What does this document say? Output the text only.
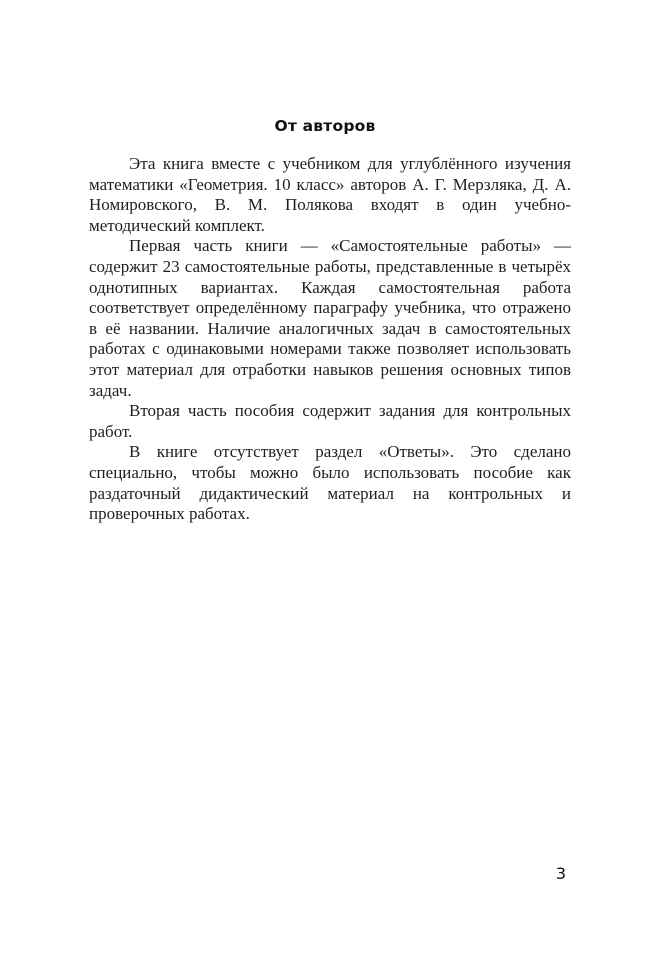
От авторов

Эта книга вместе с учебником для углублённого изучения математики «Геометрия. 10 класс» авторов А. Г. Мерзляка, Д. А. Номировского, В. М. Полякова входят в один учебно-методический комплект.

Первая часть книги — «Самостоятельные работы» — содержит 23 самостоятельные работы, представленные в четырёх однотипных вариантах. Каждая самостоятельная работа соответствует определённому параграфу учебника, что отражено в её названии. Наличие аналогичных задач в самостоятельных работах с одинаковыми номерами также позволяет использовать этот материал для отработки навыков решения основных типов задач.

Вторая часть пособия содержит задания для контрольных работ.

В книге отсутствует раздел «Ответы». Это сделано специально, чтобы можно было использовать пособие как раздаточный дидактический материал на контрольных и проверочных работах.

3
